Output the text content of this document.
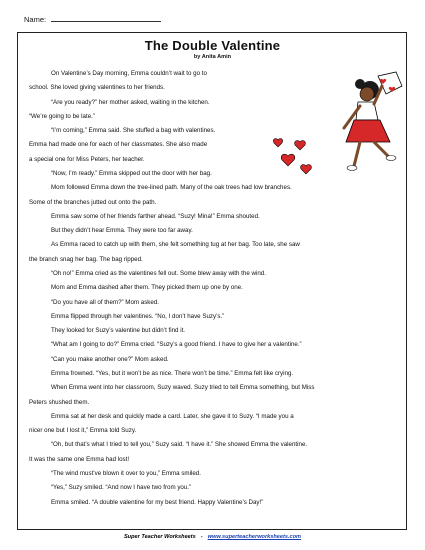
Name:
The Double Valentine
by Anita Amin
On Valentine’s Day morning, Emma couldn’t wait to go to
school. She loved giving valentines to her friends.
“Are you ready?” her mother asked, waiting in the kitchen.
“We’re going to be late.”
“I’m coming,” Emma said. She stuffed a bag with valentines.
Emma had made one for each of her classmates. She also made
a special one for Miss Peters, her teacher.
“Now, I’m ready.” Emma skipped out the door with her bag.
Mom followed Emma down the tree-lined path. Many of the oak trees had low branches.
Some of the branches jutted out onto the path.
Emma saw some of her friends farther ahead. “Suzy! Mina!” Emma shouted.
But they didn’t hear Emma. They were too far away.
As Emma raced to catch up with them, she felt something tug at her bag. Too late, she saw
the branch snag her bag. The bag ripped.
“Oh no!” Emma cried as the valentines fell out. Some blew away with the wind.
Mom and Emma dashed after them. They picked them up one by one.
“Do you have all of them?” Mom asked.
Emma flipped through her valentines. “No, I don’t have Suzy’s.”
They looked for Suzy’s valentine but didn’t find it.
“What am I going to do?” Emma cried. “Suzy’s a good friend. I have to give her a valentine.”
“Can you make another one?” Mom asked.
Emma frowned. “Yes, but it won’t be as nice. There won’t be time.” Emma felt like crying.
When Emma went into her classroom, Suzy waved. Suzy tried to tell Emma something, but Miss
Peters shushed them.
Emma sat at her desk and quickly made a card. Later, she gave it to Suzy. “I made you a
nicer one but I lost it,” Emma told Suzy.
“Oh, but that’s what I tried to tell you,” Suzy said. “I have it.” She showed Emma the valentine.
It was the same one Emma had lost!
“The wind must’ve blown it over to you,” Emma smiled.
“Yes,” Suzy smiled. “And now I have two from you.”
Emma smiled. “A double valentine for my best friend. Happy Valentine’s Day!”
Super Teacher Worksheets - www.superteacherworksheets.com
